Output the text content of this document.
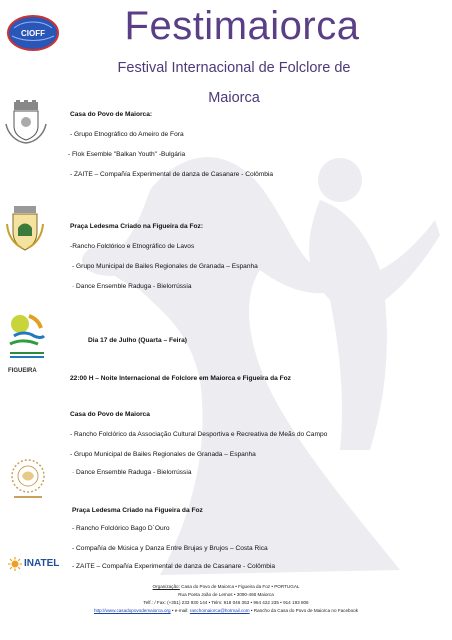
CIOFF	Festimaiorca
Festival Internacional de Folclore de
Maiorca
Casa do Povo de Maiorca:
- Grupo Etnográfico do Ameiro de Fora
- Flok Esemble "Balkan Youth" -Bulgária
- ZAITE – Compañía Experimental de danza de Casanare - Colômbia
Praça Ledesma Criado na Figueira da Foz:
-Rancho Folclórico e Etnográfico de Lavos
- Grupo Municipal de Bailes Regionales de Granada – Espanha
- Dance Ensemble Raduga - Bielorrússia
FIGUEIRA
Dia 17 de Julho (Quarta – Feira)
22:00 H – Noite Internacional de Folclore em Maiorca e Figueira da Foz
Casa do Povo de Maiorca
- Rancho Folclórico da Associação Cultural Desportiva e Recreativa de Meãs do Campo
- Grupo Municipal de Bailes Regionales de Granada – Espanha
- Dance Ensemble Raduga - Bielorrússia
Praça Ledesma Criado na Figueira da Foz
- Rancho Folclórico Bago D´Ouro
- Compañía de Música y Danza Entre Brujas y Brujos – Costa Rica
- ZAITE – Compañía Experimental de danza de Casanare - Colômbia
INATEL
Organização: Casa do Povo de Maiorca • Figueira da Foz • PORTUGAL
Rua Poeta João de Lemos • 3090-466 Maiorca
Telf.: / Fax: (+351) 233 930 144 • Telm: 918 046 353 • 964 422 235 • 914 193 806
http://www.casadopovodemaiorca.org • e-mail: ranchomaiorca@hotmail.com • Rancho da Casa do Povo de Maiorca no Facebook
